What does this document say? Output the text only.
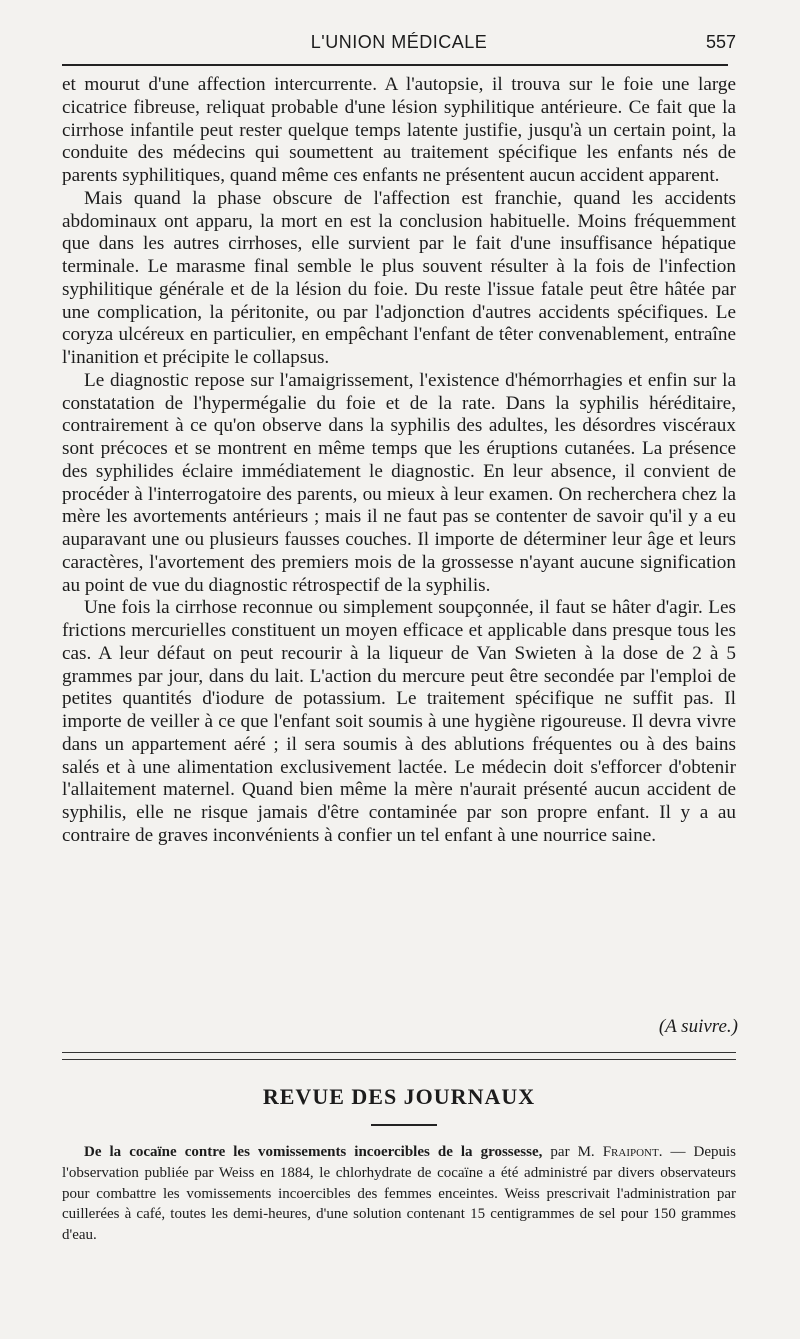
L'UNION MÉDICALE	557

et mourut d'une affection intercurrente. A l'autopsie, il trouva sur le foie une large cicatrice fibreuse, reliquat probable d'une lésion syphilitique antérieure. Ce fait que la cirrhose infantile peut rester quelque temps latente justifie, jusqu'à un certain point, la conduite des médecins qui soumettent au traitement spécifique les enfants nés de parents syphilitiques, quand même ces enfants ne présentent aucun accident apparent.

Mais quand la phase obscure de l'affection est franchie, quand les accidents abdominaux ont apparu, la mort en est la conclusion habituelle. Moins fréquemment que dans les autres cirrhoses, elle survient par le fait d'une insuffisance hépatique terminale. Le marasme final semble le plus souvent résulter à la fois de l'infection syphilitique générale et de la lésion du foie. Du reste l'issue fatale peut être hâtée par une complication, la péritonite, ou par l'adjonction d'autres accidents spécifiques. Le coryza ulcéreux en particulier, en empêchant l'enfant de têter convenablement, entraîne l'inanition et précipite le collapsus.

Le diagnostic repose sur l'amaigrissement, l'existence d'hémorrhagies et enfin sur la constatation de l'hypermégalie du foie et de la rate. Dans la syphilis héréditaire, contrairement à ce qu'on observe dans la syphilis des adultes, les désordres viscéraux sont précoces et se montrent en même temps que les éruptions cutanées. La présence des syphilides éclaire immédiatement le diagnostic. En leur absence, il convient de procéder à l'interrogatoire des parents, ou mieux à leur examen. On recherchera chez la mère les avortements antérieurs ; mais il ne faut pas se contenter de savoir qu'il y a eu auparavant une ou plusieurs fausses couches. Il importe de déterminer leur âge et leurs caractères, l'avortement des premiers mois de la grossesse n'ayant aucune signification au point de vue du diagnostic rétrospectif de la syphilis.

Une fois la cirrhose reconnue ou simplement soupçonnée, il faut se hâter d'agir. Les frictions mercurielles constituent un moyen efficace et applicable dans presque tous les cas. A leur défaut on peut recourir à la liqueur de Van Swieten à la dose de 2 à 5 grammes par jour, dans du lait. L'action du mercure peut être secondée par l'emploi de petites quantités d'iodure de potassium. Le traitement spécifique ne suffit pas. Il importe de veiller à ce que l'enfant soit soumis à une hygiène rigoureuse. Il devra vivre dans un appartement aéré ; il sera soumis à des ablutions fréquentes ou à des bains salés et à une alimentation exclusivement lactée. Le médecin doit s'efforcer d'obtenir l'allaitement maternel. Quand bien même la mère n'aurait présenté aucun accident de syphilis, elle ne risque jamais d'être contaminée par son propre enfant. Il y a au contraire de graves inconvénients à confier un tel enfant à une nourrice saine.

(A suivre.)
REVUE DES JOURNAUX

De la cocaïne contre les vomissements incoercibles de la grossesse, par M. Fraipont. — Depuis l'observation publiée par Weiss en 1884, le chlorhydrate de cocaïne a été administré par divers observateurs pour combattre les vomissements incoercibles des femmes enceintes. Weiss prescrivait l'administration par cuillerées à café, toutes les demi-heures, d'une solution contenant 15 centigrammes de sel pour 150 grammes d'eau.
